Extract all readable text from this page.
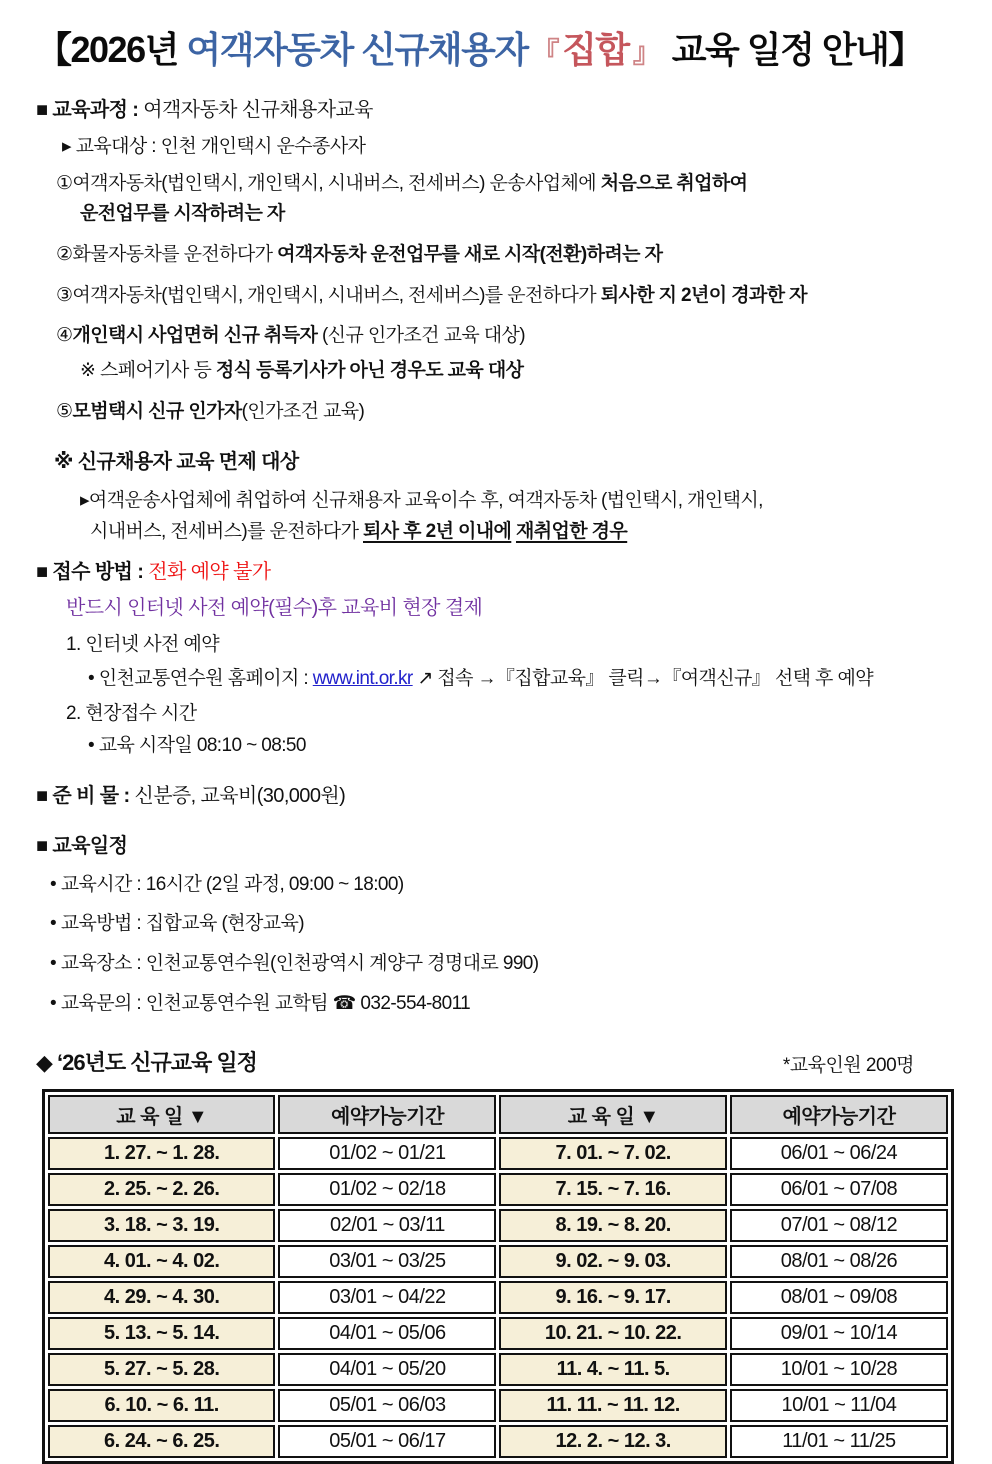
【2026년 여객자동차 신규채용자 『 집합 』 교육 일정 안내】

■ 교육과정 : 여객자동차 신규채용자교육

▸ 교육대상 : 인천 개인택시 운수종사자

①여객자동차(법인택시, 개인택시, 시내버스, 전세버스) 운송사업체에 처음으로 취업하여

운전업무를 시작하려는 자

②화물자동차를 운전하다가 여객자동차 운전업무를 새로 시작(전환)하려는 자

③여객자동차(법인택시, 개인택시, 시내버스, 전세버스)를 운전하다가 퇴사한 지 2년이 경과한 자

④개인택시 사업면허 신규 취득자 (신규 인가조건 교육 대상)

※ 스페어기사 등 정식 등록기사가 아닌 경우도 교육 대상

⑤모범택시 신규 인가자(인가조건 교육)

※ 신규채용자 교육 면제 대상

▸여객운송사업체에 취업하여 신규채용자 교육이수 후, 여객자동차 (법인택시, 개인택시,

시내버스, 전세버스)를 운전하다가 퇴사 후 2년 이내에 재취업한 경우

■ 접수 방법 : 전화 예약 불가

반드시 인터넷 사전 예약(필수)후 교육비 현장 결제

1. 인터넷 사전 예약

• 인천교통연수원 홈페이지 : www.int.or.kr ↗ 접속 →『집합교육』 클릭→『여객신규』 선택 후 예약

2. 현장접수 시간

• 교육 시작일 08:10 ~ 08:50

■ 준 비 물 : 신분증, 교육비(30,000원)

■ 교육일정

• 교육시간 : 16시간 (2일 과정, 09:00 ~ 18:00)

• 교육방법 : 집합교육 (현장교육)

• 교육장소 : 인천교통연수원(인천광역시 계양구 경명대로 990)

• 교육문의 : 인천교통연수원 교학팀 ☎ 032-554-8011

◆ ‘26년도 신규교육 일정	*교육인원 200명
교 육 일 ▼	예약가능기간	교 육 일 ▼	예약가능기간
1. 27. ~ 1. 28.	01/02 ~ 01/21	7. 01. ~ 7. 02.	06/01 ~ 06/24
2. 25. ~ 2. 26.	01/02 ~ 02/18	7. 15. ~ 7. 16.	06/01 ~ 07/08
3. 18. ~ 3. 19.	02/01 ~ 03/11	8. 19. ~ 8. 20.	07/01 ~ 08/12
4. 01. ~ 4. 02.	03/01 ~ 03/25	9. 02. ~ 9. 03.	08/01 ~ 08/26
4. 29. ~ 4. 30.	03/01 ~ 04/22	9. 16. ~ 9. 17.	08/01 ~ 09/08
5. 13. ~ 5. 14.	04/01 ~ 05/06	10. 21. ~ 10. 22.	09/01 ~ 10/14
5. 27. ~ 5. 28.	04/01 ~ 05/20	11. 4. ~ 11. 5.	10/01 ~ 10/28
6. 10. ~ 6. 11.	05/01 ~ 06/03	11. 11. ~ 11. 12.	10/01 ~ 11/04
6. 24. ~ 6. 25.	05/01 ~ 06/17	12. 2. ~ 12. 3.	11/01 ~ 11/25
